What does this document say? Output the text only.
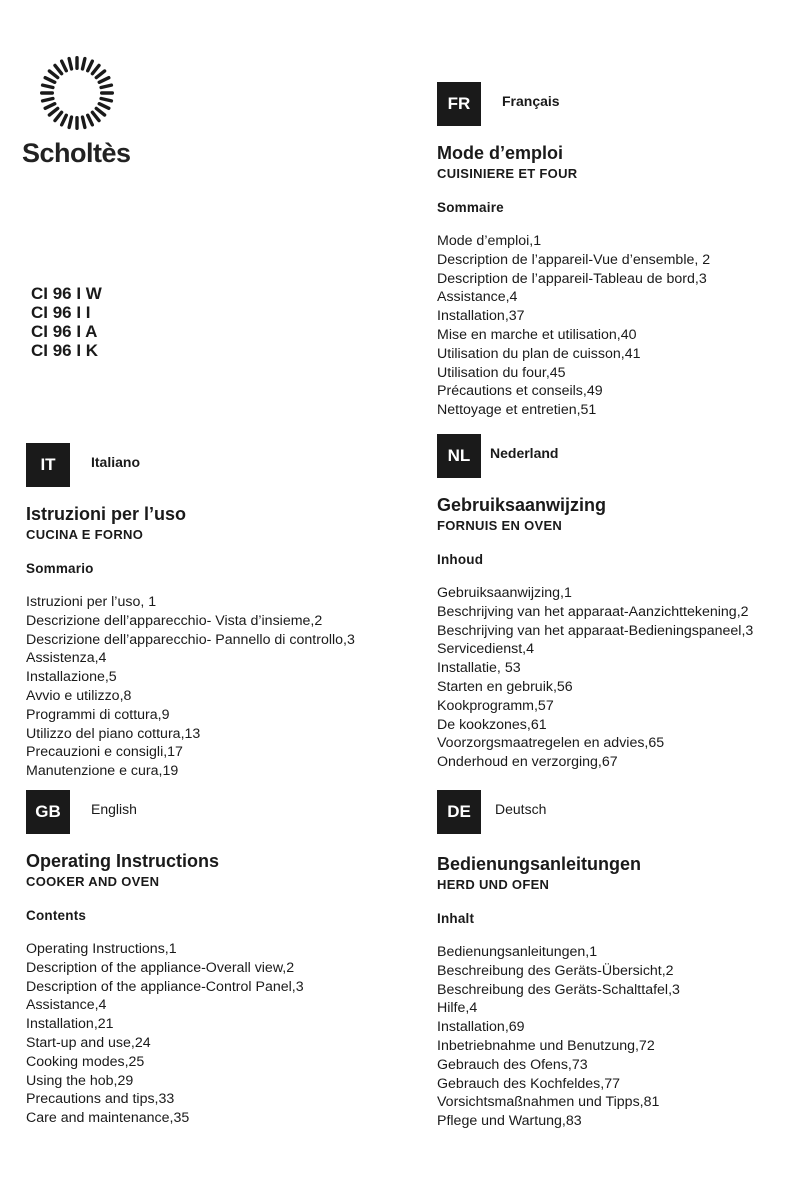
Scholtès
CI 96 I W
CI 96 I I
CI 96 I A
CI 96 I K
FR	Français
Mode d’emploi
CUISINIERE ET FOUR
Sommaire
Mode d’emploi,1
Description de l’appareil-Vue d’ensemble, 2
Description de l’appareil-Tableau de bord,3
Assistance,4
Installation,37
Mise en marche et utilisation,40
Utilisation du plan de cuisson,41
Utilisation du four,45
Précautions et conseils,49
Nettoyage et entretien,51
IT	Italiano
Istruzioni per l’uso
CUCINA E FORNO
Sommario
Istruzioni per l’uso, 1
Descrizione dell’apparecchio- Vista d’insieme,2
Descrizione dell’apparecchio- Pannello di controllo,3
Assistenza,4
Installazione,5
Avvio e utilizzo,8
Programmi di cottura,9
Utilizzo del piano cottura,13
Precauzioni e consigli,17
Manutenzione e cura,19
NL	Nederland
Gebruiksaanwijzing
FORNUIS EN OVEN
Inhoud
Gebruiksaanwijzing,1
Beschrijving van het apparaat-Aanzichttekening,2
Beschrijving van het apparaat-Bedieningspaneel,3
Servicedienst,4
Installatie, 53
Starten en gebruik,56
Kookprogramm,57
De kookzones,61
Voorzorgsmaatregelen en advies,65
Onderhoud en verzorging,67
GB	English
Operating Instructions
COOKER AND OVEN
Contents
Operating Instructions,1
Description of the appliance-Overall view,2
Description of the appliance-Control Panel,3
Assistance,4
Installation,21
Start-up and use,24
Cooking modes,25
Using the hob,29
Precautions and tips,33
Care and maintenance,35
DE	Deutsch
Bedienungsanleitungen
HERD UND OFEN
Inhalt
Bedienungsanleitungen,1
Beschreibung des Geräts-Übersicht,2
Beschreibung des Geräts-Schalttafel,3
Hilfe,4
Installation,69
Inbetriebnahme und Benutzung,72
Gebrauch des Ofens,73
Gebrauch des Kochfeldes,77
Vorsichtsmaßnahmen und Tipps,81
Pflege und Wartung,83
